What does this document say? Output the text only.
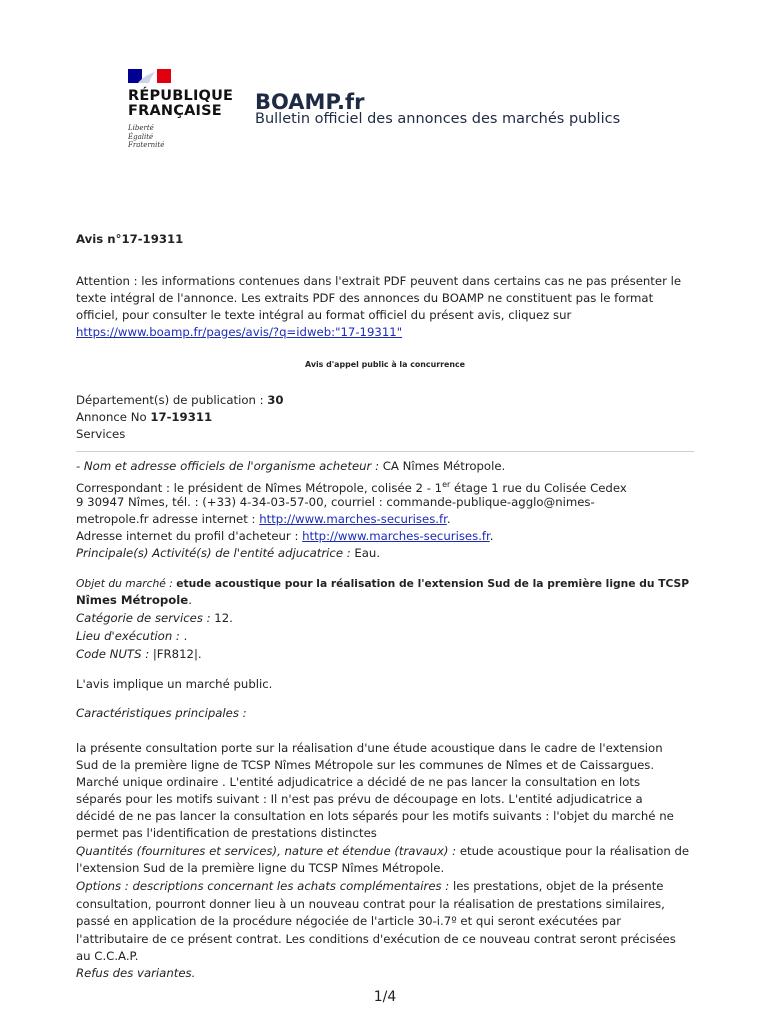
RÉPUBLIQUE
FRANÇAISE
Liberté
Égalité
Fraternité
BOAMP.fr
Bulletin officiel des annonces des marchés publics
Avis n°17-19311
Attention : les informations contenues dans l'extrait PDF peuvent dans certains cas ne pas présenter le
texte intégral de l'annonce. Les extraits PDF des annonces du BOAMP ne constituent pas le format
officiel, pour consulter le texte intégral au format officiel du présent avis, cliquez sur
https://www.boamp.fr/pages/avis/?q=idweb:"17-19311"
Avis d'appel public à la concurrence
Département(s) de publication : 30
Annonce No 17-19311
Services
- Nom et adresse officiels de l'organisme acheteur : CA Nîmes Métropole.
Correspondant : le président de Nîmes Métropole, colisée 2 - 1er étage 1 rue du Colisée Cedex
9 30947 Nîmes, tél. : (+33) 4-34-03-57-00, courriel : commande-publique-agglo@nimes-
metropole.fr adresse internet : http://www.marches-securises.fr.
Adresse internet du profil d'acheteur : http://www.marches-securises.fr.
Principale(s) Activité(s) de l'entité adjucatrice : Eau.
Objet du marché : etude acoustique pour la réalisation de l'extension Sud de la première ligne du TCSP
Nîmes Métropole.
Catégorie de services : 12.
Lieu d'exécution : .
Code NUTS : |FR812|.
L'avis implique un marché public.
Caractéristiques principales :
la présente consultation porte sur la réalisation d'une étude acoustique dans le cadre de l'extension
Sud de la première ligne de TCSP Nîmes Métropole sur les communes de Nîmes et de Caissargues.
Marché unique ordinaire . L'entité adjudicatrice a décidé de ne pas lancer la consultation en lots
séparés pour les motifs suivant : Il n'est pas prévu de découpage en lots. L'entité adjudicatrice a
décidé de ne pas lancer la consultation en lots séparés pour les motifs suivants : l'objet du marché ne
permet pas l'identification de prestations distinctes
Quantités (fournitures et services), nature et étendue (travaux) : etude acoustique pour la réalisation de
l'extension Sud de la première ligne du TCSP Nîmes Métropole.
Options : descriptions concernant les achats complémentaires : les prestations, objet de la présente
consultation, pourront donner lieu à un nouveau contrat pour la réalisation de prestations similaires,
passé en application de la procédure négociée de l'article 30-i.7º et qui seront exécutées par
l'attributaire de ce présent contrat. Les conditions d'exécution de ce nouveau contrat seront précisées
au C.C.A.P.
Refus des variantes.
1/4
